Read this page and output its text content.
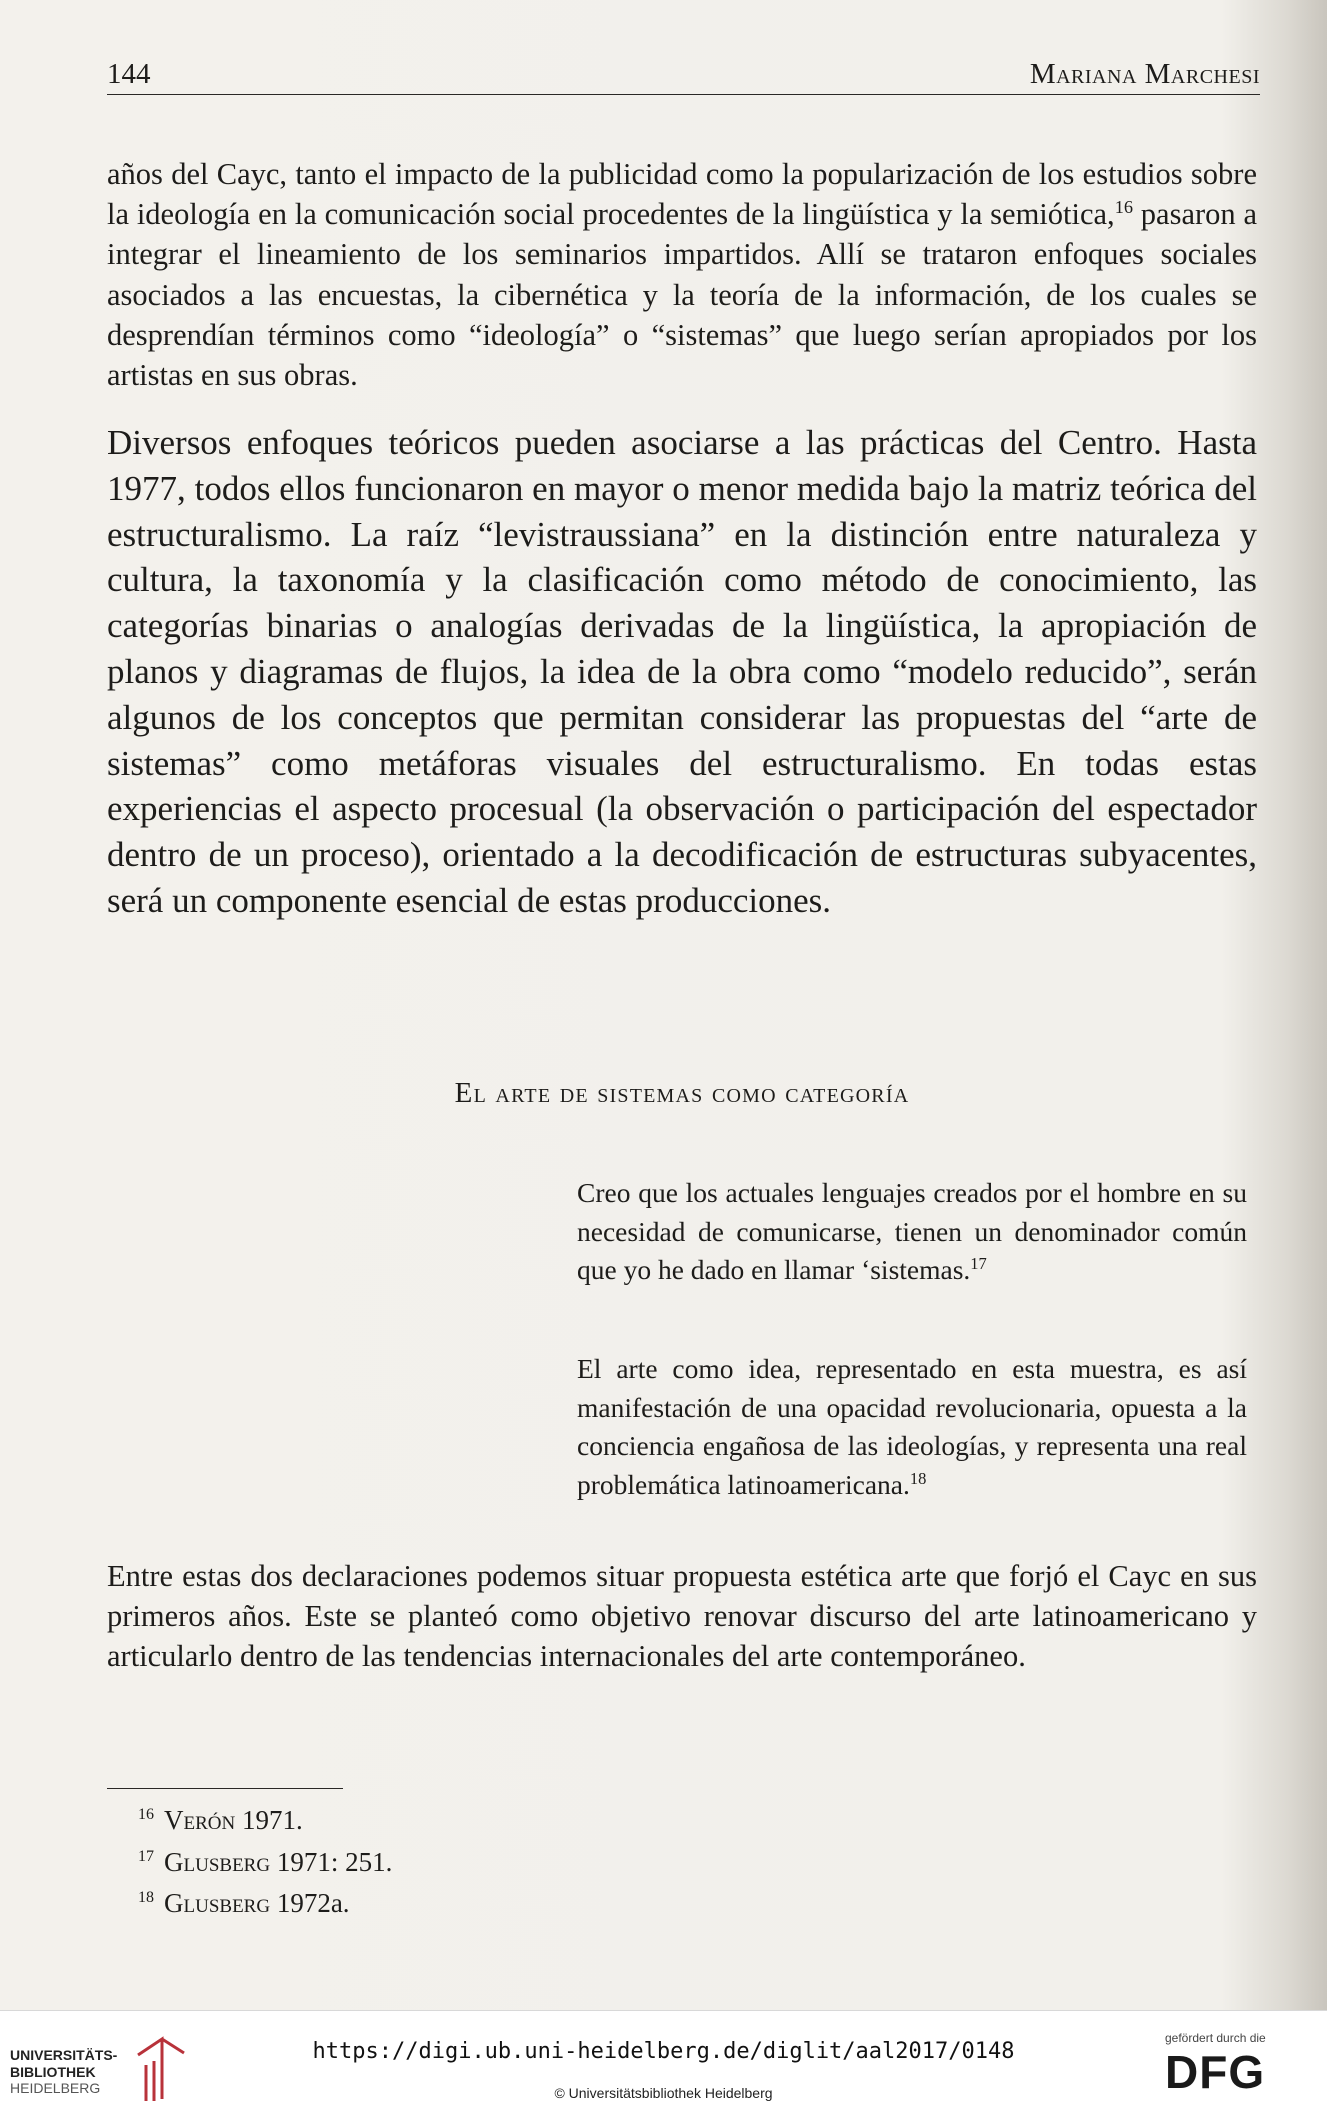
144	Mariana Marchesi

años del Cayc, tanto el impacto de la publicidad como la popularización de los estudios sobre la ideología en la comunicación social procedentes de la lingüística y la semiótica,$^{16}$ pasaron a integrar el lineamiento de los seminarios impartidos. Allí se trataron enfoques sociales asociados a las encuestas, la cibernética y la teoría de la información, de los cuales se desprendían términos como “ideología” o “sistemas” que luego serían apropiados por los artistas en sus obras.

Diversos enfoques teóricos pueden asociarse a las prácticas del Centro. Hasta 1977, todos ellos funcionaron en mayor o menor medida bajo la matriz teórica del estructuralismo. La raíz “levistraussiana” en la distinción entre naturaleza y cultura, la taxonomía y la clasificación como método de conocimiento, las categorías binarias o analogías derivadas de la lingüística, la apropiación de planos y diagramas de flujos, la idea de la obra como “modelo reducido”, serán algunos de los conceptos que permitan considerar las propuestas del “arte de sistemas” como metáforas visuales del estructuralismo. En todas estas experiencias el aspecto procesual (la observación o participación del espectador dentro de un proceso), orientado a la decodificación de estructuras subyacentes, será un componente esencial de estas producciones.

El arte de sistemas como categoría

Creo que los actuales lenguajes creados por el hombre en su necesidad de comunicarse, tienen un denominador común que yo he dado en llamar ‘sistemas.$^{17}$

El arte como idea, representado en esta muestra, es así manifestación de una opacidad revolucionaria, opuesta a la conciencia engañosa de las ideologías, y representa una real problemática latinoamericana.$^{18}$

Entre estas dos declaraciones podemos situar propuesta estética arte que forjó el Cayc en sus primeros años. Este se planteó como objetivo renovar discurso del arte latinoamericano y articularlo dentro de las tendencias internacionales del arte contemporáneo.

$^{16}$ Verón 1971.
$^{17}$ Glusberg 1971: 251.
$^{18}$ Glusberg 1972a.
UNIVERSITÄTS-
BIBLIOTHEK
HEIDELBERG
https://digi.ub.uni-heidelberg.de/diglit/aal2017/0148
© Universitätsbibliothek Heidelberg
gefördert durch die
DFG
